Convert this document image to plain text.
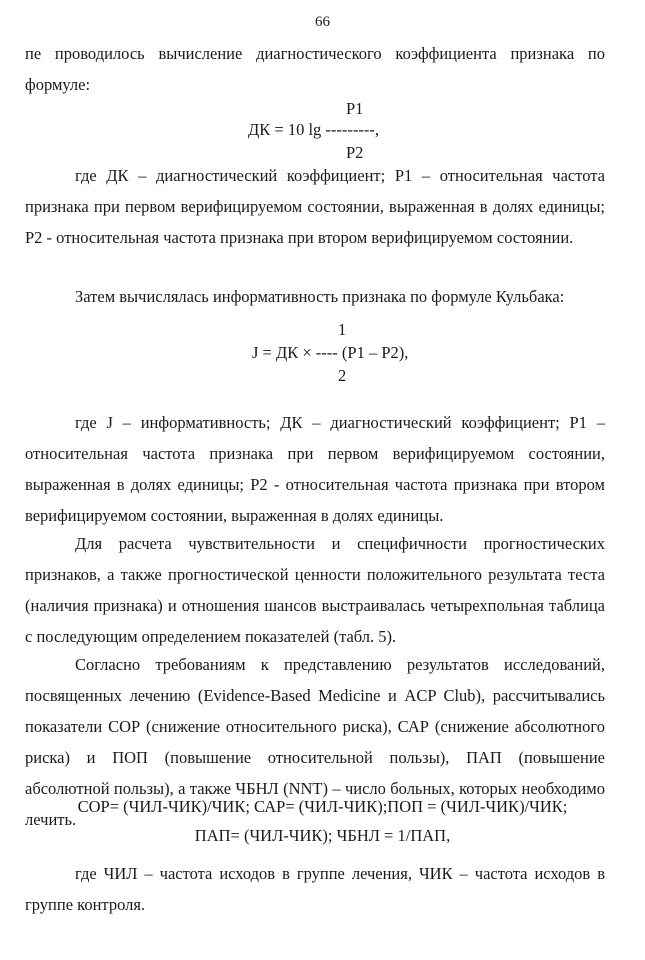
66

пе проводилось вычисление диагностического коэффициента признака по формуле:

P1
ДК = 10 lg ---------,
P2

где ДК – диагностический коэффициент; P1 – относительная частота признака при первом верифицируемом состоянии, выраженная в долях единицы; P2 - относительная частота признака при втором верифицируемом состоянии.

Затем вычислялась информативность признака по формуле Кульбака:

1
J = ДК × ---- (P1 – P2),
2

где J – информативность; ДК – диагностический коэффициент; P1 – относительная частота признака при первом верифицируемом состоянии, выраженная в долях единицы; P2 - относительная частота признака при втором верифицируемом состоянии, выраженная в долях единицы.

Для расчета чувствительности и специфичности прогностических признаков, а также прогностической ценности положительного результата теста (наличия признака) и отношения шансов выстраивалась четырехпольная таблица с последующим определением показателей (табл. 5).

Согласно требованиям к представлению результатов исследований, посвященных лечению (Evidence-Based Medicine и ACP Club), рассчитывались показатели СОР (снижение относительного риска), САР (снижение абсолютного риска) и ПОП (повышение относительной пользы), ПАП (повышение абсолютной пользы), а также ЧБНЛ (NNT) – число больных, которых необходимо лечить.

СОР= (ЧИЛ-ЧИК)/ЧИК; САР= (ЧИЛ-ЧИК);ПОП = (ЧИЛ-ЧИК)/ЧИК;
ПАП= (ЧИЛ-ЧИК); ЧБНЛ = 1/ПАП,

где ЧИЛ – частота исходов в группе лечения, ЧИК – частота исходов в группе контроля.
